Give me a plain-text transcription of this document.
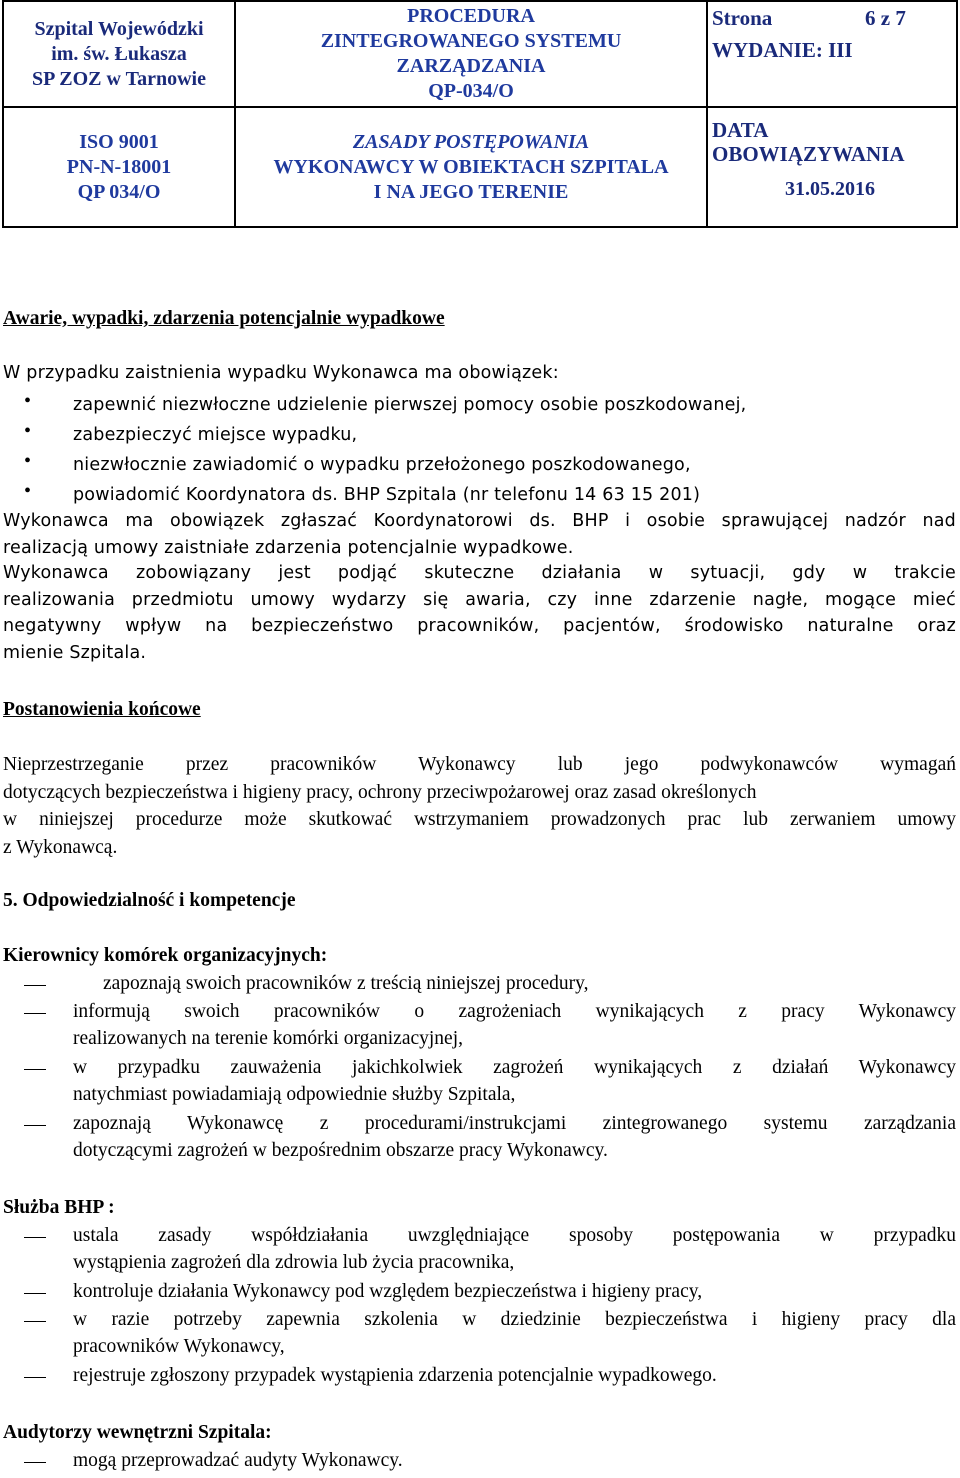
Szpital Wojewódzki
im. św. Łukasza
SP ZOZ w Tarnowie
PROCEDURA
ZINTEGROWANEGO SYSTEMU
ZARZĄDZANIA
QP-034/O
ISO 9001
PN-N-18001
QP 034/O
ZASADY POSTĘPOWANIA
WYKONAWCY W OBIEKTACH SZPITALA
I NA JEGO TERENIE
Strona	6 z 7
WYDANIE: III
DATA
OBOWIĄZYWANIA
31.05.2016

Awarie, wypadki, zdarzenia potencjalnie wypadkowe

W przypadku zaistnienia wypadku Wykonawca ma obowiązek:

• zapewnić niezwłoczne udzielenie pierwszej pomocy osobie poszkodowanej,
• zabezpieczyć miejsce wypadku,
• niezwłocznie zawiadomić o wypadku przełożonego poszkodowanego,
• powiadomić Koordynatora ds. BHP Szpitala (nr telefonu 14 63 15 201)
Wykonawca ma obowiązek zgłaszać Koordynatorowi ds. BHP i osobie sprawującej nadzór nad
realizacją umowy zaistniałe zdarzenia potencjalnie wypadkowe.
Wykonawca zobowiązany jest podjąć skuteczne działania w sytuacji, gdy w trakcie
realizowania przedmiotu umowy wydarzy się awaria, czy inne zdarzenie nagłe, mogące mieć
negatywny wpływ na bezpieczeństwo pracowników, pacjentów, środowisko naturalne oraz
mienie Szpitala.

Postanowienia końcowe

Nieprzestrzeganie przez pracowników Wykonawcy lub jego podwykonawców wymagań
dotyczących bezpieczeństwa i higieny pracy, ochrony przeciwpożarowej oraz zasad określonych
w niniejszej procedurze może skutkować wstrzymaniem prowadzonych prac lub zerwaniem umowy
z Wykonawcą.

5. Odpowiedzialność i kompetencje

Kierownicy komórek organizacyjnych:

zapoznają swoich pracowników z treścią niniejszej procedury,
informują swoich pracowników o zagrożeniach wynikających z pracy Wykonawcy
realizowanych na terenie komórki organizacyjnej,
w przypadku zauważenia jakichkolwiek zagrożeń wynikających z działań Wykonawcy
natychmiast powiadamiają odpowiednie służby Szpitala,
zapoznają Wykonawcę z procedurami/instrukcjami zintegrowanego systemu zarządzania
dotyczącymi zagrożeń w bezpośrednim obszarze pracy Wykonawcy.

Służba BHP :

ustala zasady współdziałania uwzględniające sposoby postępowania w przypadku
wystąpienia zagrożeń dla zdrowia lub życia pracownika,
kontroluje działania Wykonawcy pod względem bezpieczeństwa i higieny pracy,
w razie potrzeby zapewnia szkolenia w dziedzinie bezpieczeństwa i higieny pracy dla
pracowników Wykonawcy,
rejestruje zgłoszony przypadek wystąpienia zdarzenia potencjalnie wypadkowego.

Audytorzy wewnętrzni Szpitala:

mogą przeprowadzać audyty Wykonawcy.
